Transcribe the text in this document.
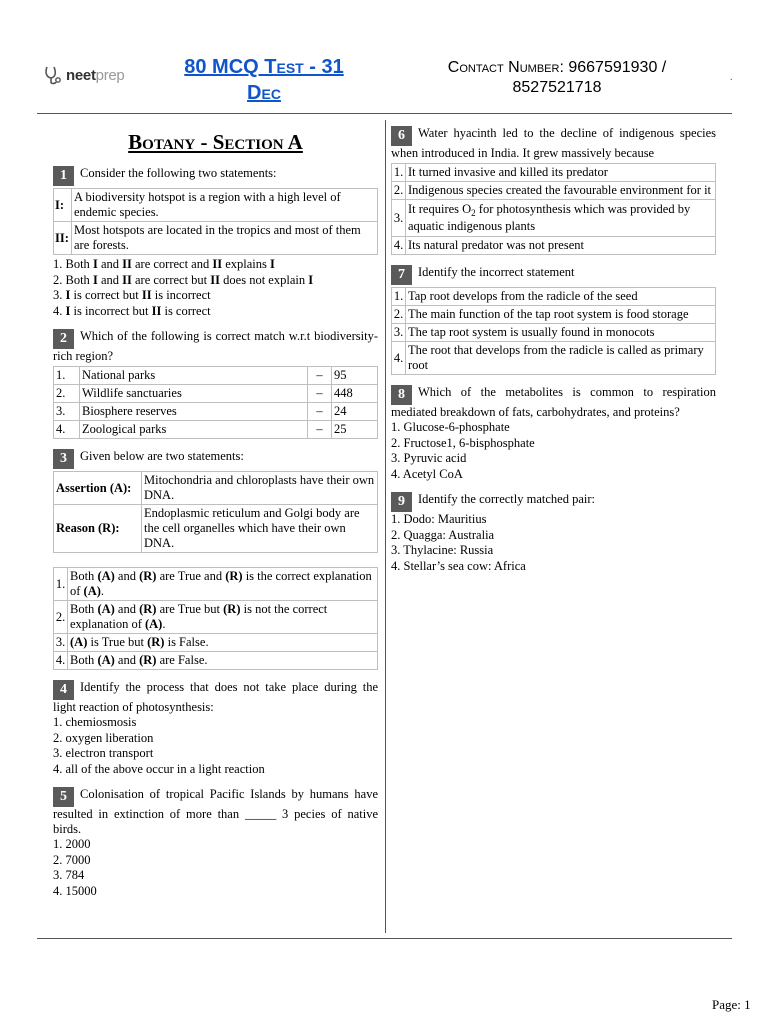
neetprep	80 MCQ Test - 31
Dec
Contact Number: 9667591930 /
8527521718
.
Botany - Section A
1 Consider the following two statements:
I:	A biodiversity hotspot is a region with a high level of endemic species.
II:	Most hotspots are located in the tropics and most of them are forests.
1. Both I and II are correct and II explains I
2. Both I and II are correct but II does not explain I
3. I is correct but II is incorrect
4. I is incorrect but II is correct
2 Which of the following is correct match w.r.t biodiversity-rich region?
1.	National parks	–	95
2.	Wildlife sanctuaries	–	448
3.	Biosphere reserves	–	24
4.	Zoological parks	–	25
3 Given below are two statements:
Assertion (A):	Mitochondria and chloroplasts have their own DNA.
Reason (R):	Endoplasmic reticulum and Golgi body are the cell organelles which have their own DNA.
1.	Both (A) and (R) are True and (R) is the correct explanation of (A).
2.	Both (A) and (R) are True but (R) is not the correct explanation of (A).
3.	(A) is True but (R) is False.
4.	Both (A) and (R) are False.
4 Identify the process that does not take place during the light reaction of photosynthesis:
1. chemiosmosis
2. oxygen liberation
3. electron transport
4. all of the above occur in a light reaction
5 Colonisation of tropical Pacific Islands by humans have resulted in extinction of more than _____ 3 pecies of native birds.
1. 2000
2. 7000
3. 784
4. 15000
6 Water hyacinth led to the decline of indigenous species when introduced in India. It grew massively because
1.	It turned invasive and killed its predator
2.	Indigenous species created the favourable environment for it
3.	It requires $O_2$ for photosynthesis which was provided by aquatic indigenous plants
4.	Its natural predator was not present
7 Identify the incorrect statement
1.	Tap root develops from the radicle of the seed
2.	The main function of the tap root system is food storage
3.	The tap root system is usually found in monocots
4.	The root that develops from the radicle is called as primary root
8 Which of the metabolites is common to respiration mediated breakdown of fats, carbohydrates, and proteins?
1. Glucose-6-phosphate
2. Fructose1, 6-bisphosphate
3. Pyruvic acid
4. Acetyl CoA
9 Identify the correctly matched pair:
1. Dodo: Mauritius
2. Quagga: Australia
3. Thylacine: Russia
4. Stellar’s sea cow: Africa
Page: 1
